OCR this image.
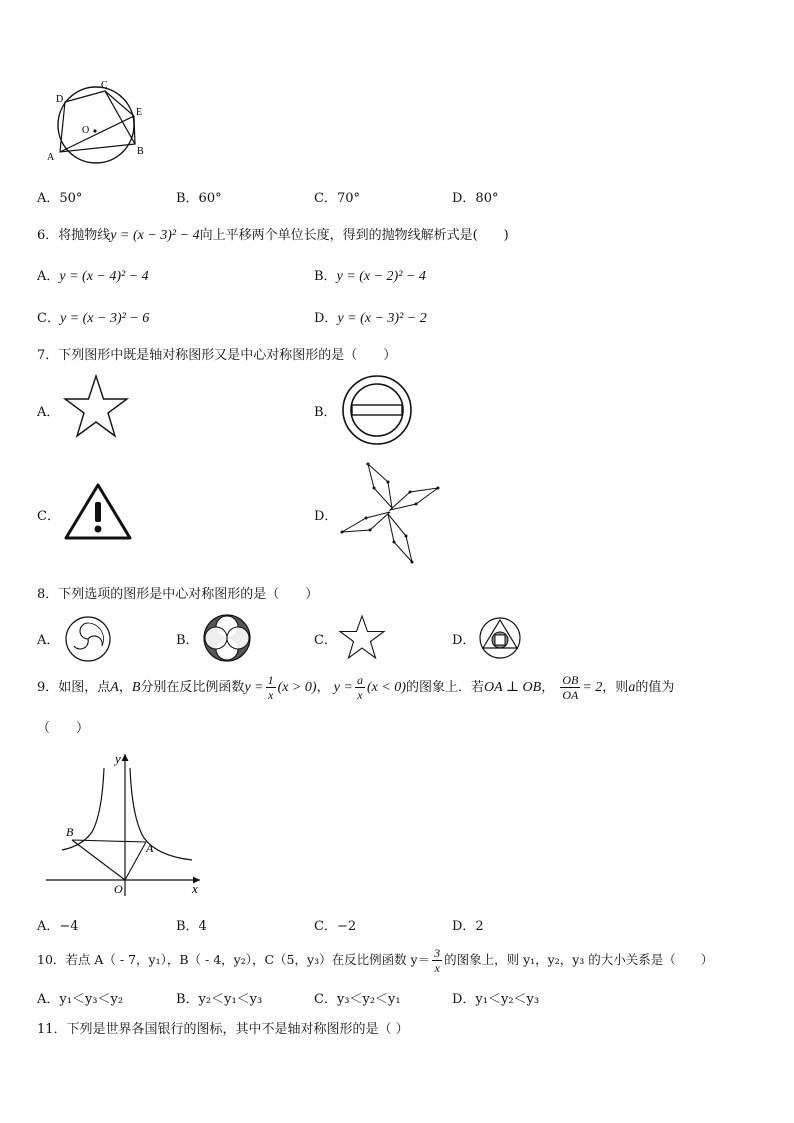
D
C
E
O
A
B
A．50°	B．60°	C．70°	D．80°
6．将抛物线y = (x − 3)² − 4向上平移两个单位长度，得到的抛物线解析式是(　　)
A．y = (x − 4)² − 4	B．y = (x − 2)² − 4
C．y = (x − 3)² − 6	D．y = (x − 3)² − 2
7．下列图形中既是轴对称图形又是中心对称图形的是（　　）
A．	B．
C．	D．
8．下列选项的图形是中心对称图形的是（　　）
A．	B．	C．	D．
9．如图，点A，B分别在反比例函数$y = \frac{1}{x} (x > 0)$， $y = \frac{a}{x} (x < 0)$的图象上．若OA ⊥ OB， $\frac{OB}{OA} = 2$，则a的值为
（　　）
y
x
O
A
B
A．−4	B．4	C．−2	D．2
10．若点 A（ - 7，y₁），B（ - 4，y₂），C（5，y₃）在反比例函数 $y= \frac{3}{x}$ 的图象上，则 y₁，y₂，y₃ 的大小关系是（　　）
A．y₁＜y₃＜y₂	B．y₂＜y₁＜y₃	C．y₃＜y₂＜y₁	D．y₁＜y₂＜y₃
11．下列是世界各国银行的图标，其中不是轴对称图形的是（ ）
